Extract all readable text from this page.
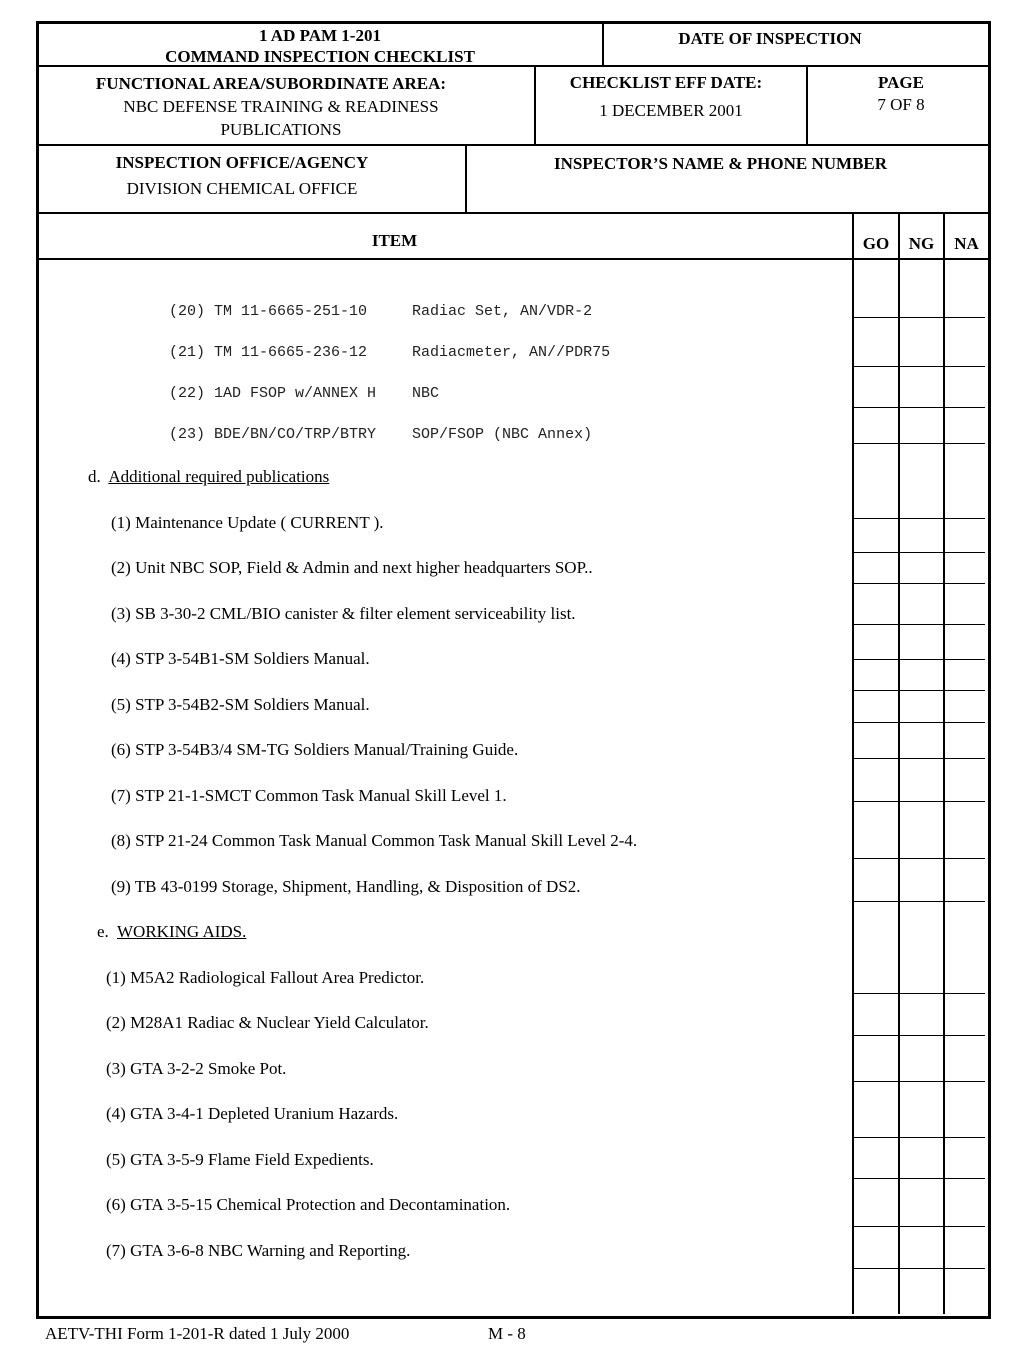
1 AD PAM 1-201
COMMAND INSPECTION CHECKLIST
DATE OF INSPECTION
FUNCTIONAL AREA/SUBORDINATE AREA:
NBC DEFENSE TRAINING & READINESS
PUBLICATIONS
CHECKLIST EFF DATE:
1 DECEMBER 2001
PAGE
7 OF 8
INSPECTION OFFICE/AGENCY
DIVISION CHEMICAL OFFICE
INSPECTOR’S NAME & PHONE NUMBER
ITEM	GO	NG	NA
(20) TM 11-6665-251-10     Radiac Set, AN/VDR-2
(21) TM 11-6665-236-12     Radiacmeter, AN//PDR75
(22) 1AD FSOP w/ANNEX H    NBC
(23) BDE/BN/CO/TRP/BTRY    SOP/FSOP (NBC Annex)
d. Additional required publications
(1) Maintenance Update ( CURRENT ).
(2) Unit NBC SOP, Field & Admin and next higher headquarters SOP..
(3) SB 3-30-2 CML/BIO canister & filter element serviceability list.
(4) STP 3-54B1-SM Soldiers Manual.
(5) STP 3-54B2-SM Soldiers Manual.
(6) STP 3-54B3/4 SM-TG Soldiers Manual/Training Guide.
(7) STP 21-1-SMCT Common Task Manual Skill Level 1.
(8) STP 21-24 Common Task Manual Common Task Manual Skill Level 2-4.
(9) TB 43-0199 Storage, Shipment, Handling, & Disposition of DS2.
e. WORKING AIDS.
(1) M5A2 Radiological Fallout Area Predictor.
(2) M28A1 Radiac & Nuclear Yield Calculator.
(3) GTA 3-2-2 Smoke Pot.
(4) GTA 3-4-1 Depleted Uranium Hazards.
(5) GTA 3-5-9 Flame Field Expedients.
(6) GTA 3-5-15 Chemical Protection and Decontamination.
(7) GTA 3-6-8 NBC Warning and Reporting.
AETV-THI Form 1-201-R dated 1 July 2000	M - 8
